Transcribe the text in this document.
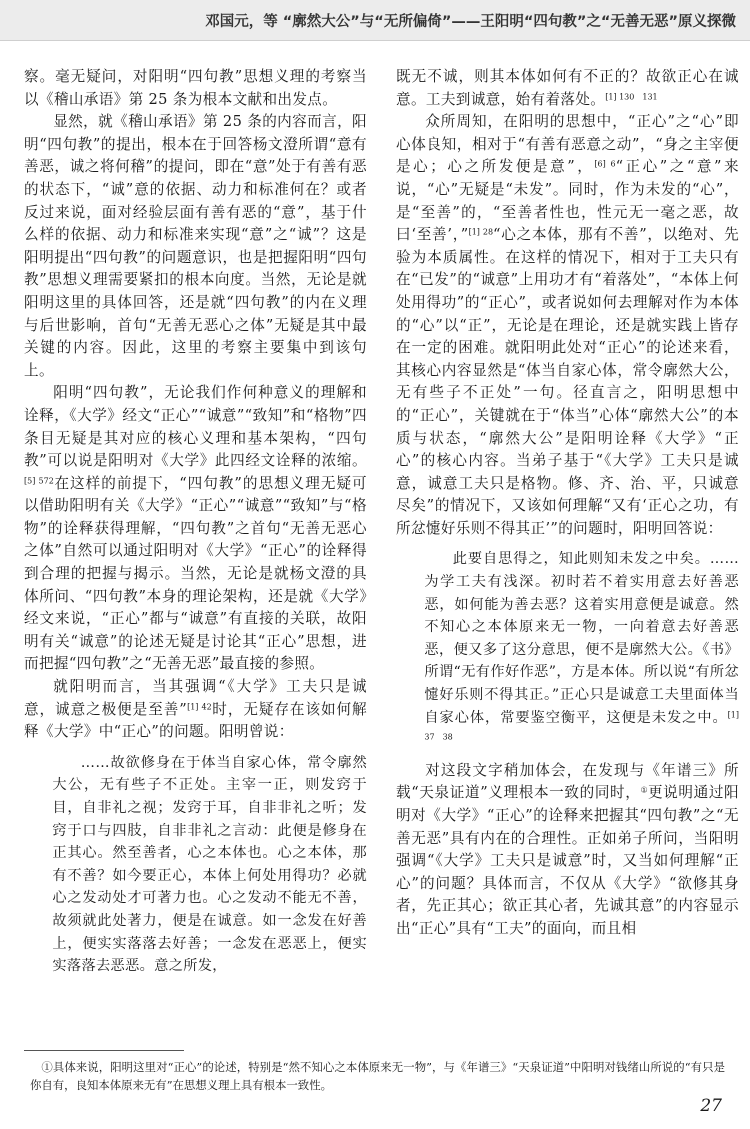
邓国元，等 “廓然大公”与“无所偏倚”——王阳明“四句教”之“无善无恶”原义探微

察。毫无疑问，对阳明“四句教”思想义理的考察当以《稽山承语》第 25 条为根本文献和出发点。

显然，就《稽山承语》第 25 条的内容而言，阳明“四句教”的提出，根本在于回答杨文澄所谓“意有善恶，诚之将何稽”的提问，即在“意”处于有善有恶的状态下，“诚”意的依据、动力和标准何在？或者反过来说，面对经验层面有善有恶的“意”，基于什么样的依据、动力和标准来实现“意”之“诚”？这是阳明提出“四句教”的问题意识，也是把握阳明“四句教”思想义理需要紧扣的根本向度。当然，无论是就阳明这里的具体回答，还是就“四句教”的内在义理与后世影响，首句“无善无恶心之体”无疑是其中最关键的内容。因此，这里的考察主要集中到该句上。

阳明“四句教”，无论我们作何种意义的理解和诠释，《大学》经文“正心”“诚意”“致知”和“格物”四条目无疑是其对应的核心义理和基本架构，“四句教”可以说是阳明对《大学》此四经文诠释的浓缩。$^{[5] 572}$在这样的前提下，“四句教”的思想义理无疑可以借助阳明有关《大学》“正心”“诚意”“致知”与“格物”的诠释获得理解，“四句教”之首句“无善无恶心之体”自然可以通过阳明对《大学》“正心”的诠释得到合理的把握与揭示。当然，无论是就杨文澄的具体所问、“四句教”本身的理论架构，还是就《大学》经文来说，“正心”都与“诚意”有直接的关联，故阳明有关“诚意”的论述无疑是讨论其“正心”思想，进而把握“四句教”之“无善无恶”最直接的参照。

就阳明而言，当其强调“《大学》工夫只是诚意，诚意之极便是至善”$^{[1] 42}$时，无疑存在该如何解释《大学》中“正心”的问题。阳明曾说：

……故欲修身在于体当自家心体，常令廓然大公，无有些子不正处。主宰一正，则发窍于目，自非礼之视；发窍于耳，自非非礼之听；发窍于口与四肢，自非非礼之言动：此便是修身在正其心。然至善者，心之本体也。心之本体，那有不善？如今要正心，本体上何处用得功？必就心之发动处才可著力也。心之发动不能无不善，故须就此处著力，便是在诚意。如一念发在好善上，便实实落落去好善；一念发在恶恶上，便实实落落去恶恶。意之所发，

既无不诚，则其本体如何有不正的？故欲正心在诚意。工夫到诚意，始有着落处。$^{[1] 130 131}$

众所周知，在阳明的思想中，“正心”之“心”即心体良知，相对于“有善有恶意之动”，“身之主宰便是心；心之所发便是意”，$^{[6] 6}$“正心”之“意”来说，“心”无疑是“未发”。同时，作为未发的“心”，是“至善”的，“至善者性也，性元无一毫之恶，故曰‘至善’，”$^{[1] 28}$“心之本体，那有不善”，以绝对、先验为本质属性。在这样的情况下，相对于工夫只有在“已发”的“诚意”上用功才有“着落处”，“本体上何处用得功”的“正心”，或者说如何去理解对作为本体的“心”以“正”，无论是在理论，还是就实践上皆存在一定的困难。就阳明此处对“正心”的论述来看，其核心内容显然是“体当自家心体，常令廓然大公，无有些子不正处”一句。径直言之，阳明思想中的“正心”，关键就在于“体当”心体“廓然大公”的本质与状态，“廓然大公”是阳明诠释《大学》“正心”的核心内容。当弟子基于“《大学》工夫只是诚意，诚意工夫只是格物。修、齐、治、平，只诚意尽矣”的情况下，又该如何理解“又有‘正心之功，有所忿懥好乐则不得其正’”的问题时，阳明回答说：

此要自思得之，知此则知未发之中矣。……为学工夫有浅深。初时若不着实用意去好善恶恶，如何能为善去恶？这着实用意便是诚意。然不知心之本体原来无一物，一向着意去好善恶恶，便又多了这分意思，便不是廓然大公。《书》所谓“无有作好作恶”，方是本体。所以说“有所忿懥好乐则不得其正。”正心只是诚意工夫里面体当自家心体，常要鉴空衡平，这便是未发之中。$^{[1] 37 38}$

对这段文字稍加体会，在发现与《年谱三》所载“天泉证道”义理根本一致的同时，①更说明通过阳明对《大学》“正心”的诠释来把握其“四句教”之“无善无恶”具有内在的合理性。正如弟子所问，当阳明强调“《大学》工夫只是诚意”时，又当如何理解“正心”的问题？具体而言，不仅从《大学》“欲修其身者，先正其心；欲正其心者，先诚其意”的内容显示出“正心”具有“工夫”的面向，而且相

①具体来说，阳明这里对“正心”的论述，特别是“然不知心之本体原来无一物”，与《年谱三》“天泉证道”中阳明对钱绪山所说的“有只是你自有，良知本体原来无有”在思想义理上具有根本一致性。
27
